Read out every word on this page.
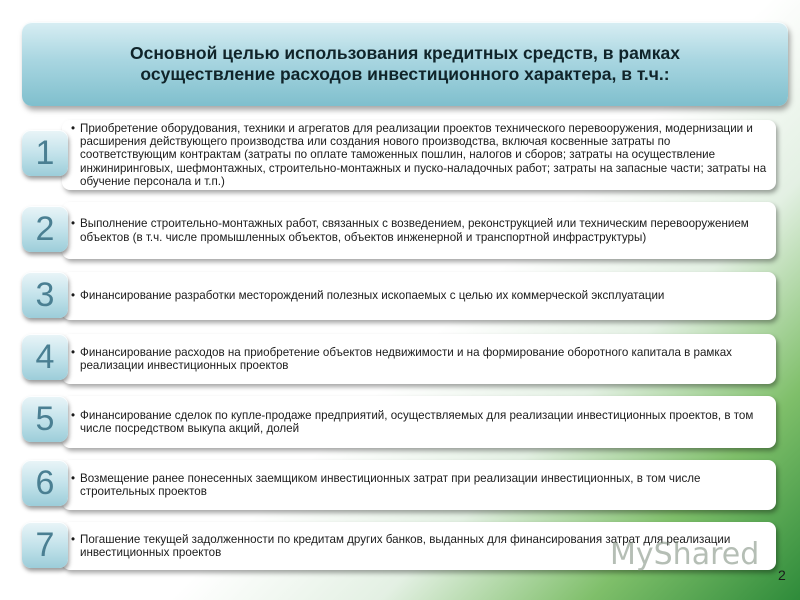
Основной целью использования кредитных средств, в рамках осуществление расходов инвестиционного характера, в т.ч.:

• Приобретение оборудования, техники и агрегатов для реализации проектов технического перевооружения, модернизации и расширения действующего производства или создания нового производства, включая косвенные затраты по соответствующим контрактам (затраты по оплате таможенных пошлин, налогов и сборов; затраты на осуществление инжиниринговых, шефмонтажных, строительно-монтажных и пуско-наладочных работ; затраты на запасные части; затраты на обучение персонала и т.п.)

1

• Выполнение строительно-монтажных работ, связанных с возведением, реконструкцией или техническим перевооружением объектов (в т.ч. числе промышленных объектов, объектов инженерной и транспортной инфраструктуры)

2

• Финансирование разработки месторождений полезных ископаемых с целью их коммерческой эксплуатации

3

• Финансирование расходов на приобретение объектов недвижимости и на формирование оборотного капитала в рамках реализации инвестиционных проектов

4

• Финансирование сделок по купле-продаже предприятий, осуществляемых для реализации инвестиционных проектов, в том числе посредством выкупа акций, долей

5

• Возмещение ранее понесенных заемщиком инвестиционных затрат при реализации инвестиционных, в том числе строительных проектов

6

• Погашение текущей задолженности по кредитам других банков, выданных для финансирования затрат для реализации инвестиционных проектов

7	MyShared
2
